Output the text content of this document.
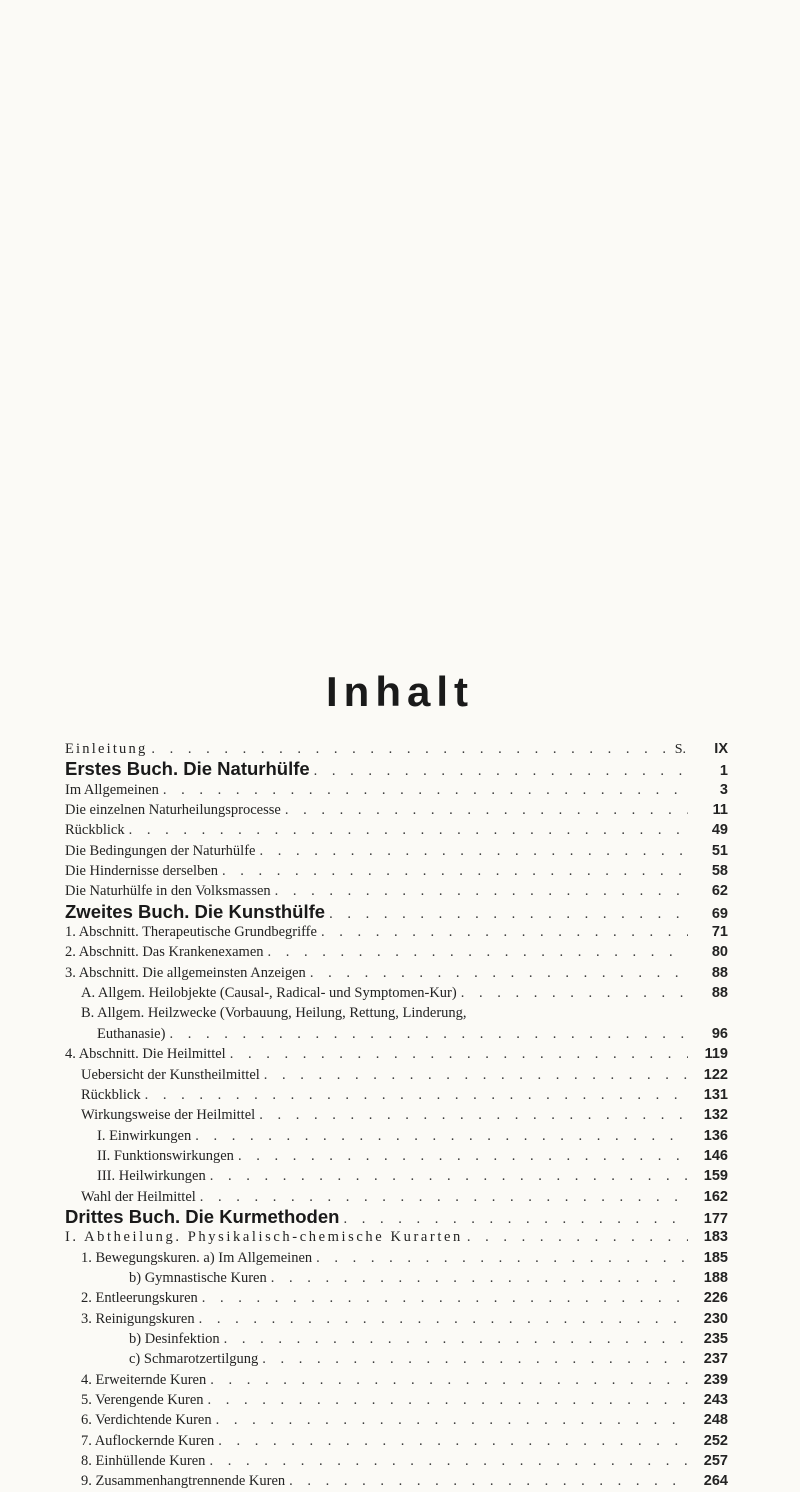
Inhalt
Einleitung . . .	S.	IX
Erstes Buch. Die Naturhülfe . . .	1
Im Allgemeinen . . .	3
Die einzelnen Naturheilungsprocesse . . .	11
Rückblick . . .	49
Die Bedingungen der Naturhülfe . . .	51
Die Hindernisse derselben . . .	58
Die Naturhülfe in den Volksmassen . . .	62
Zweites Buch. Die Kunsthülfe . . .	69
1. Abschnitt. Therapeutische Grundbegriffe . . .	71
2. Abschnitt. Das Krankenexamen . . .	80
3. Abschnitt. Die allgemeinsten Anzeigen . . .	88
A. Allgem. Heilobjekte (Causal-, Radical- und Symptomen-Kur) . . .	88
B. Allgem. Heilzwecke (Vorbauung, Heilung, Rettung, Linderung,
Euthanasie) . . .	96
4. Abschnitt. Die Heilmittel . . .	119
Uebersicht der Kunstheilmittel . . .	122
Rückblick . . .	131
Wirkungsweise der Heilmittel . . .	132
I. Einwirkungen . . .	136
II. Funktionswirkungen . . .	146
III. Heilwirkungen . . .	159
Wahl der Heilmittel . . .	162
Drittes Buch. Die Kurmethoden . . .	177
I. Abtheilung. Physikalisch-chemische Kurarten . . .	183
1. Bewegungskuren. a) Im Allgemeinen . . .	185
b) Gymnastische Kuren . . .	188
2. Entleerungskuren . . .	226
3. Reinigungskuren . . .	230
b) Desinfektion . . .	235
c) Schmarotzertilgung . . .	237
4. Erweiternde Kuren . . .	239
5. Verengende Kuren . . .	243
6. Verdichtende Kuren . . .	248
7. Auflockernde Kuren . . .	252
8. Einhüllende Kuren . . .	257
9. Zusammenhangtrennende Kuren . . .	264
